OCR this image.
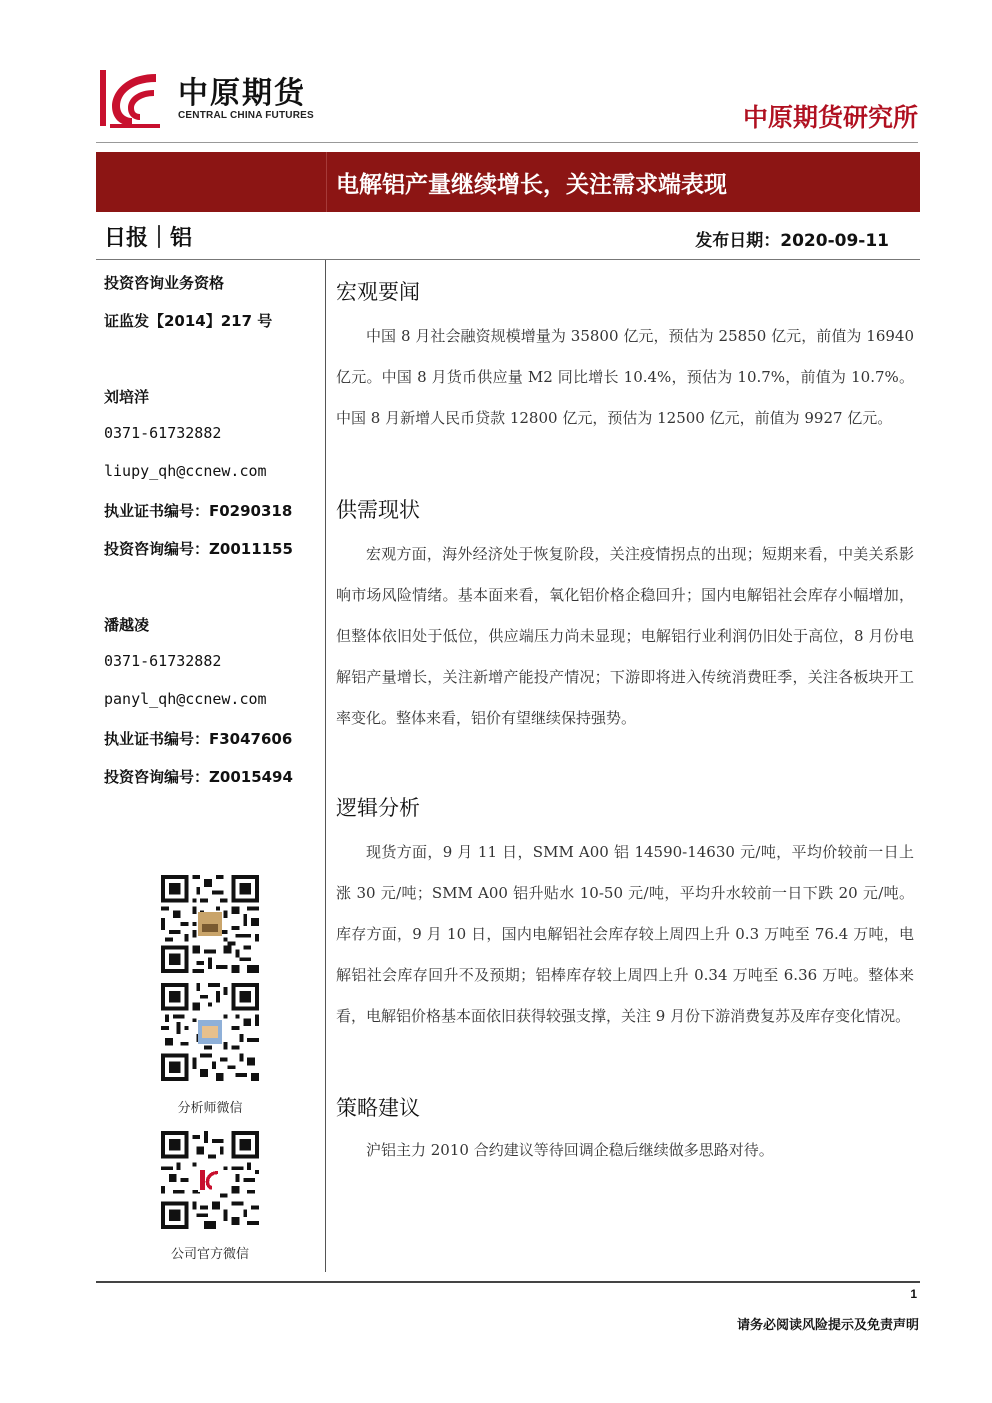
中原期货
CENTRAL CHINA FUTURES	中原期货研究所
电解铝产量继续增长，关注需求端表现
日报｜铝	发布日期：2020-09-11
投资咨询业务资格
证监发【2014】217 号
刘培洋
0371-61732882
liupy_qh@ccnew.com
执业证书编号：F0290318
投资咨询编号：Z0011155
潘越凌
0371-61732882
panyl_qh@ccnew.com
执业证书编号：F3047606
投资咨询编号：Z0015494
分析师微信
公司官方微信
宏观要闻

中国 8 月社会融资规模增量为 35800 亿元，预估为 25850 亿元，前值为 16940 亿元。中国 8 月货币供应量 M2 同比增长 10.4%，预估为 10.7%，前值为 10.7%。中国 8 月新增人民币贷款 12800 亿元，预估为 12500 亿元，前值为 9927 亿元。

供需现状

宏观方面，海外经济处于恢复阶段，关注疫情拐点的出现；短期来看，中美关系影响市场风险情绪。基本面来看，氧化铝价格企稳回升；国内电解铝社会库存小幅增加，但整体依旧处于低位，供应端压力尚未显现；电解铝行业利润仍旧处于高位，8 月份电解铝产量增长，关注新增产能投产情况；下游即将进入传统消费旺季，关注各板块开工率变化。整体来看，铝价有望继续保持强势。

逻辑分析

现货方面，9 月 11 日，SMM A00 铝 14590-14630 元/吨，平均价较前一日上涨 30 元/吨；SMM A00 铝升贴水 10-50 元/吨，平均升水较前一日下跌 20 元/吨。库存方面，9 月 10 日，国内电解铝社会库存较上周四上升 0.3 万吨至 76.4 万吨，电解铝社会库存回升不及预期；铝棒库存较上周四上升 0.34 万吨至 6.36 万吨。整体来看，电解铝价格基本面依旧获得较强支撑，关注 9 月份下游消费复苏及库存变化情况。

策略建议

沪铝主力 2010 合约建议等待回调企稳后继续做多思路对待。

1
请务必阅读风险提示及免责声明
